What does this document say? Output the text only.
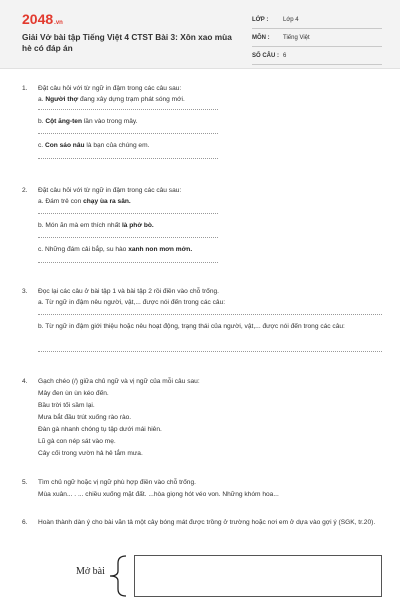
2048.vn
Giải Vở bài tập Tiếng Việt 4 CTST Bài 3: Xôn xao mùa hè có đáp án
LỚP : Lớp 4
MÔN : Tiếng Việt
SỐ CÂU : 6
1. Đặt câu hỏi với từ ngữ in đậm trong các câu sau:
a. Người thợ đang xây dựng trạm phát sóng mới.
b. Cột ăng-ten lần vào trong mây.
c. Con sáo nâu là bạn của chúng em.
2. Đặt câu hỏi với từ ngữ in đậm trong các câu sau:
a. Đám trẻ con chạy ùa ra sân.
b. Món ăn mà em thích nhất là phở bò.
c. Những đám cải bắp, su hào xanh non mơn mởn.
3. Đọc lại các câu ở bài tập 1 và bài tập 2 rồi điền vào chỗ trống.
a. Từ ngữ in đậm nêu người, vật,... được nói đến trong các câu:
b. Từ ngữ in đậm giới thiệu hoặc nêu hoạt động, trạng thái của người, vật,... được nói đến trong các câu:
4. Gạch chéo (/) giữa chủ ngữ và vị ngữ của mỗi câu sau:
Mây đen ùn ùn kéo đến.
Bầu trời tối sầm lại.
Mưa bắt đầu trút xuống rào rào.
Đàn gà nhanh chóng tụ tập dưới mái hiên.
Lũ gà con nép sát vào mẹ.
Cây cối trong vườn hả hê tắm mưa.
5. Tìm chủ ngữ hoặc vị ngữ phù hợp điền vào chỗ trống.
Mùa xuân... . ... chiều xuống mặt đất. ...hòa giọng hót véo von. Những khóm hoa...
6. Hoàn thành dàn ý cho bài văn tả một cây bóng mát được trồng ở trường hoặc nơi em ở dựa vào gợi ý (SGK, tr.20).
Mở bài
